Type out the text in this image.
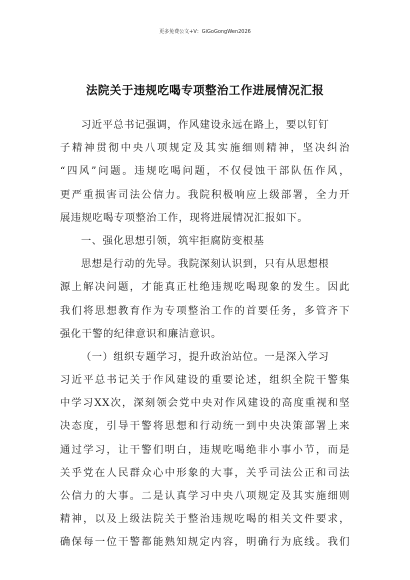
更多免费公文+V：GiGoGongWen2026
法院关于违规吃喝专项整治工作进展情况汇报
习近平总书记强调，作风建设永远在路上，要以钉钉
子精神贯彻中央八项规定及其实施细则精神，坚决纠治
“四风”问题。违规吃喝问题，不仅侵蚀干部队伍作风，
更严重损害司法公信力。我院积极响应上级部署，全力开
展违规吃喝专项整治工作，现将进展情况汇报如下。
一、强化思想引领，筑牢拒腐防变根基
思想是行动的先导。我院深刻认识到，只有从思想根
源上解决问题，才能真正杜绝违规吃喝现象的发生。因此
我们将思想教育作为专项整治工作的首要任务，多管齐下
强化干警的纪律意识和廉洁意识。
（一）组织专题学习，提升政治站位。一是深入学习
习近平总书记关于作风建设的重要论述，组织全院干警集
中学习XX次，深刻领会党中央对作风建设的高度重视和坚
决态度，引导干警将思想和行动统一到中央决策部署上来
通过学习，让干警们明白，违规吃喝绝非小事小节，而是
关乎党在人民群众心中形象的大事，关乎司法公正和司法
公信力的大事。二是认真学习中央八项规定及其实施细则
精神，以及上级法院关于整治违规吃喝的相关文件要求，
确保每一位干警都能熟知规定内容，明确行为底线。我们
